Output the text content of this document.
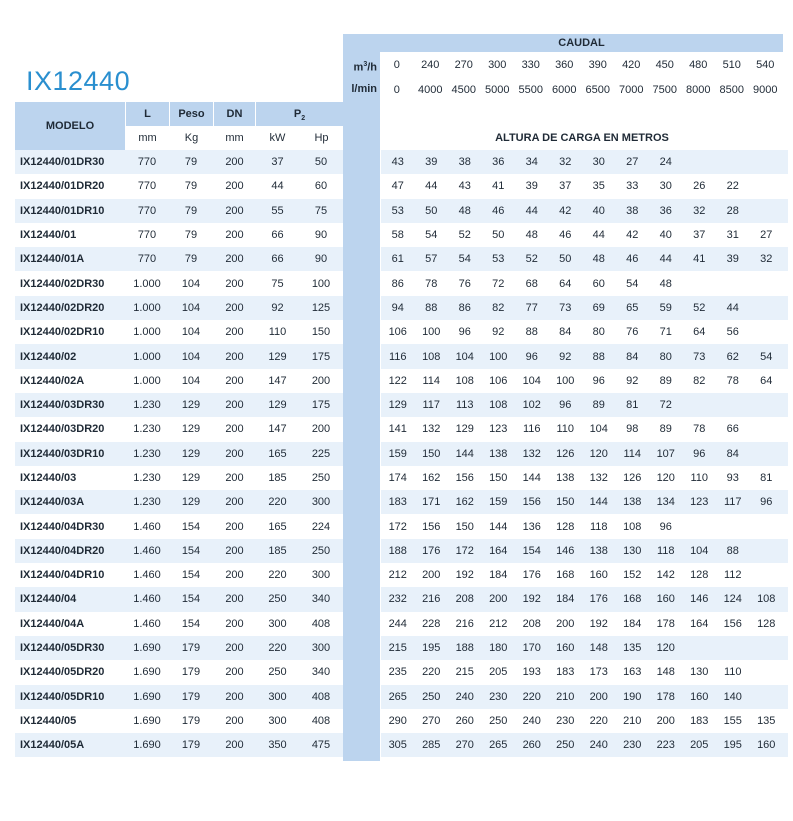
IX12440
CAUDAL
$m^3/h$	0	240	270	300	330	360	390	420	450	480	510	540
l/min	0	4000 4500 5000 5500 6000 6500 7000 7500 8000 8500 9000
MODELO
L	Peso	DN	$P_2$
mm	Kg	mm	kW	Hp	ALTURA DE CARGA EN METROS
IX12440/01DR30	770	79	200	37	50	43	39	38	36	34	32	30	27	24
IX12440/01DR20	770	79	200	44	60	47	44	43	41	39	37	35	33	30	26	22
IX12440/01DR10	770	79	200	55	75	53	50	48	46	44	42	40	38	36	32	28
IX12440/01	770	79	200	66	90	58	54	52	50	48	46	44	42	40	37	31	27
IX12440/01A	770	79	200	66	90	61	57	54	53	52	50	48	46	44	41	39	32
IX12440/02DR30	1.000	104	200	75	100	86	78	76	72	68	64	60	54	48
IX12440/02DR20	1.000	104	200	92	125	94	88	86	82	77	73	69	65	59	52	44
IX12440/02DR10	1.000	104	200	110	150	106	100	96	92	88	84	80	76	71	64	56
IX12440/02	1.000	104	200	129	175	116	108	104	100	96	92	88	84	80	73	62	54
IX12440/02A	1.000	104	200	147	200	122	114	108	106	104	100	96	92	89	82	78	64
IX12440/03DR30	1.230	129	200	129	175	129	117	113	108	102	96	89	81	72
IX12440/03DR20	1.230	129	200	147	200	141	132	129	123	116	110	104	98	89	78	66
IX12440/03DR10	1.230	129	200	165	225	159	150	144	138	132	126	120	114	107	96	84
IX12440/03	1.230	129	200	185	250	174	162	156	150	144	138	132	126	120	110	93	81
IX12440/03A	1.230	129	200	220	300	183	171	162	159	156	150	144	138	134	123	117	96
IX12440/04DR30	1.460	154	200	165	224	172	156	150	144	136	128	118	108	96
IX12440/04DR20	1.460	154	200	185	250	188	176	172	164	154	146	138	130	118	104	88
IX12440/04DR10	1.460	154	200	220	300	212	200	192	184	176	168	160	152	142	128	112
IX12440/04	1.460	154	200	250	340	232	216	208	200	192	184	176	168	160	146	124	108
IX12440/04A	1.460	154	200	300	408	244	228	216	212	208	200	192	184	178	164	156	128
IX12440/05DR30	1.690	179	200	220	300	215	195	188	180	170	160	148	135	120
IX12440/05DR20	1.690	179	200	250	340	235	220	215	205	193	183	173	163	148	130	110
IX12440/05DR10	1.690	179	200	300	408	265	250	240	230	220	210	200	190	178	160	140
IX12440/05	1.690	179	200	300	408	290	270	260	250	240	230	220	210	200	183	155	135
IX12440/05A	1.690	179	200	350	475	305	285	270	265	260	250	240	230	223	205	195	160
